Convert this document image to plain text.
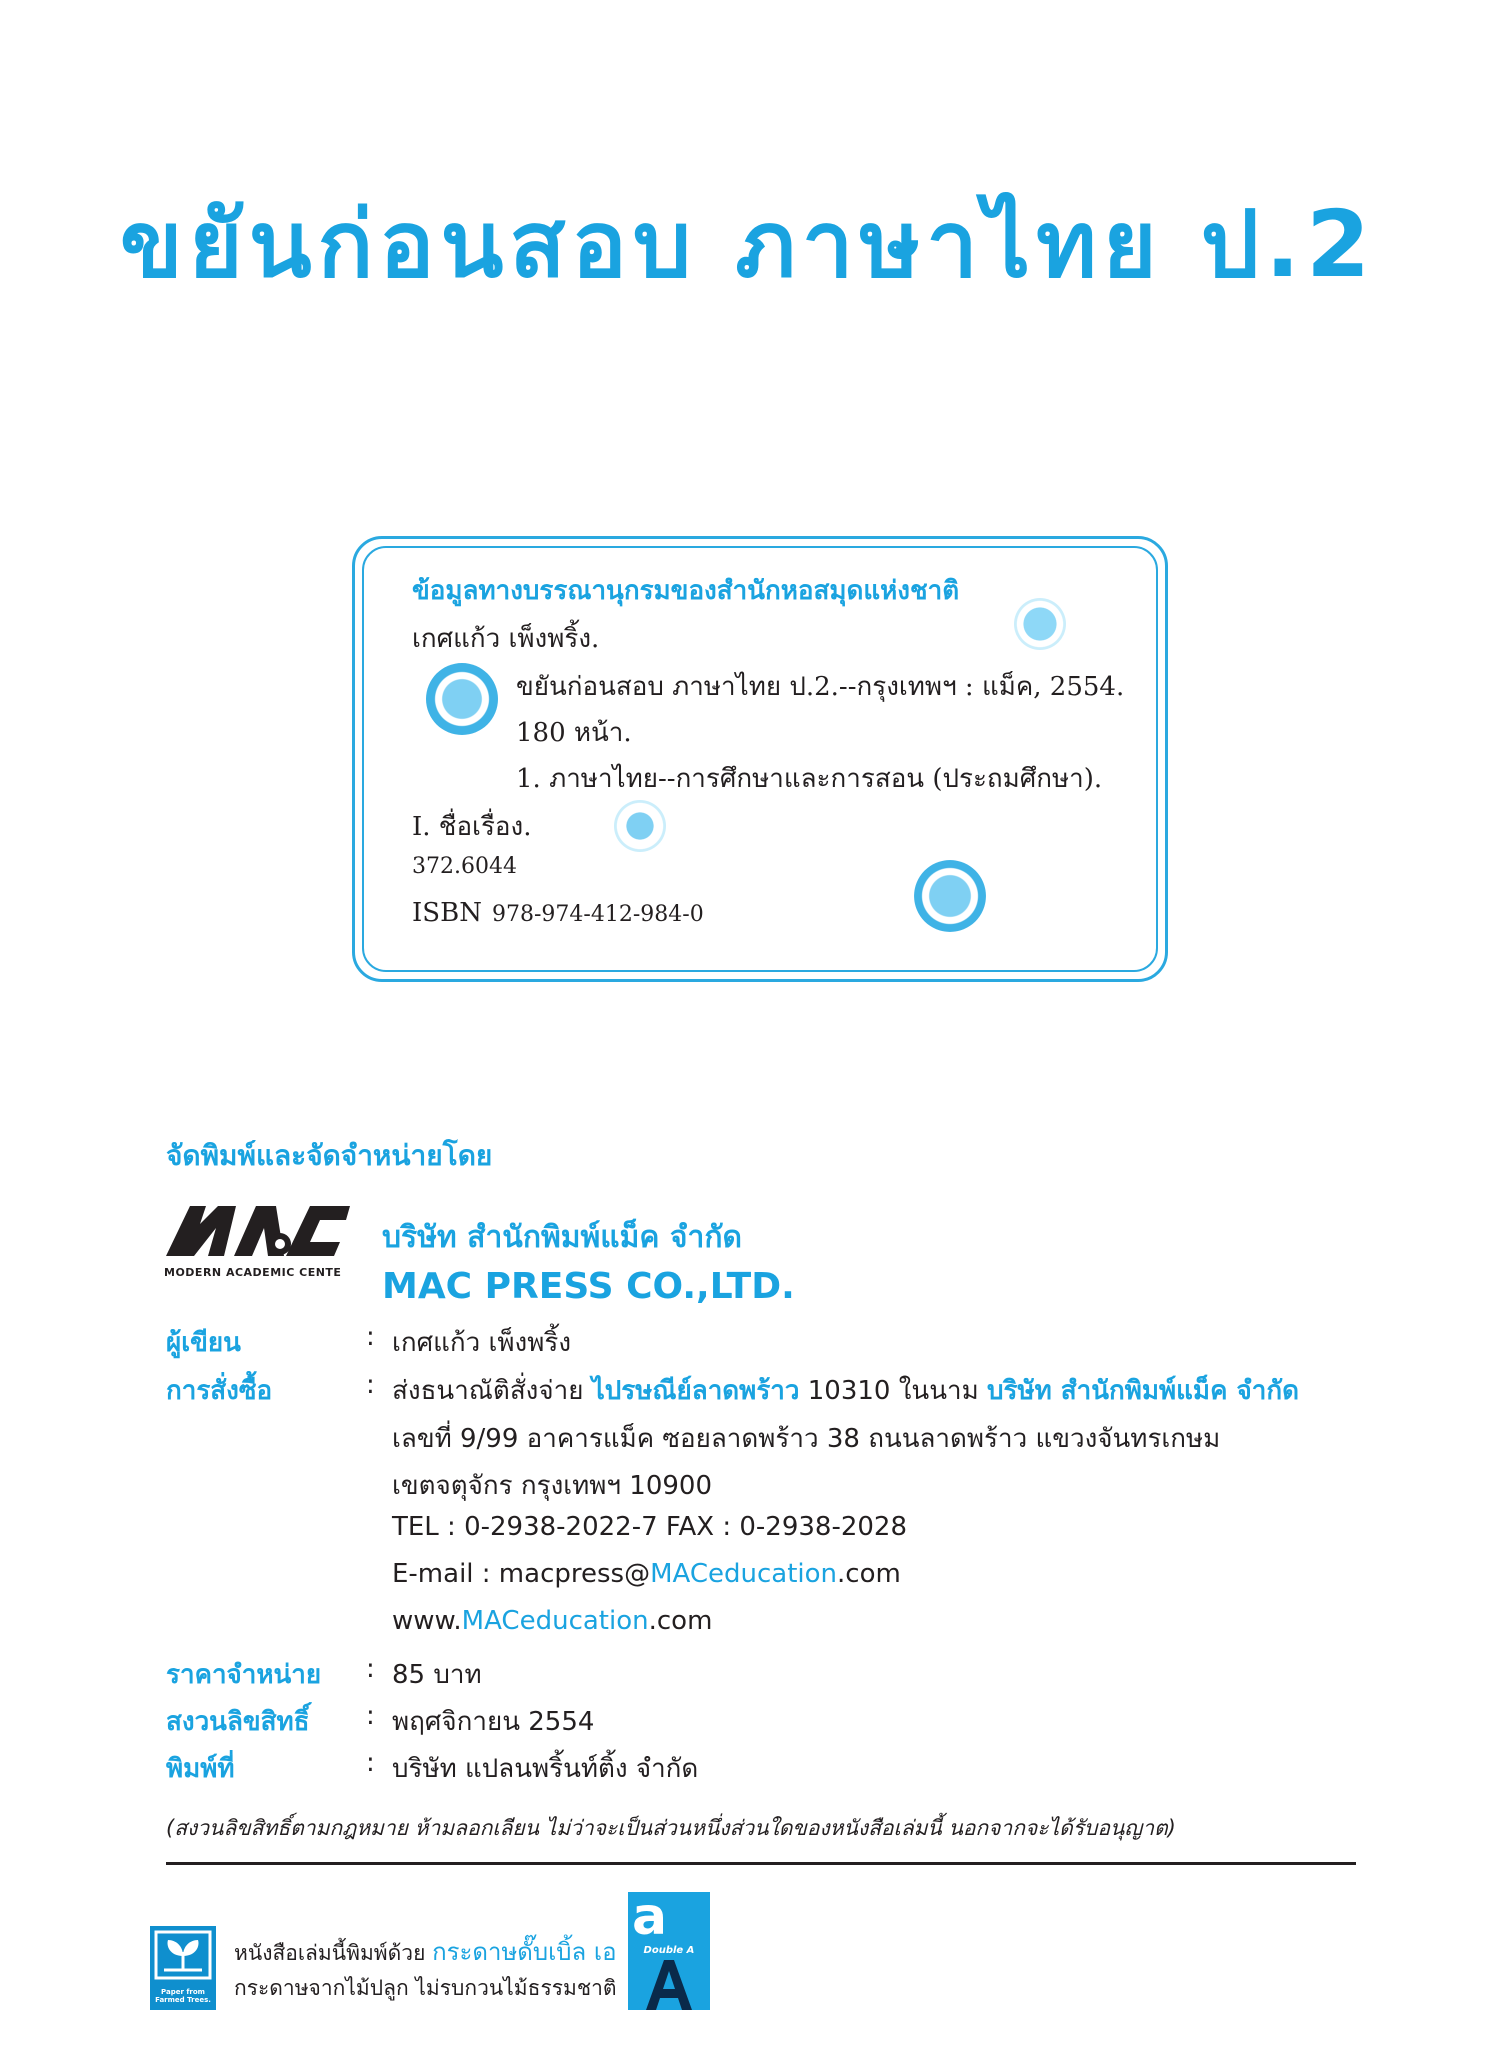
ขยันก่อนสอบ ภาษาไทย ป.2
ข้อมูลทางบรรณานุกรมของสำนักหอสมุดแห่งชาติ
เกศแก้ว เพ็งพริ้ง.
ขยันก่อนสอบ ภาษาไทย ป.2.--กรุงเทพฯ : แม็ค, 2554.
180 หน้า.
1. ภาษาไทย--การศึกษาและการสอน (ประถมศึกษา).
I. ชื่อเรื่อง.
372.6044
ISBN 978-974-412-984-0
จัดพิมพ์และจัดจำหน่ายโดย
MODERN ACADEMIC CENTE
บริษัท สำนักพิมพ์แม็ค จำกัด
MAC PRESS CO.,LTD.
ผู้เขียน	: เกศแก้ว เพ็งพริ้ง
การสั่งซื้อ	: ส่งธนาณัติสั่งจ่าย ไปรษณีย์ลาดพร้าว 10310 ในนาม บริษัท สำนักพิมพ์แม็ค จำกัด
เลขที่ 9/99 อาคารแม็ค ซอยลาดพร้าว 38 ถนนลาดพร้าว แขวงจันทรเกษม
เขตจตุจักร กรุงเทพฯ 10900
TEL : 0-2938-2022-7 FAX : 0-2938-2028
E-mail : macpress@MACeducation.com
www.MACeducation.com
ราคาจำหน่าย : 85 บาท
สงวนลิขสิทธิ์ : พฤศจิกายน 2554
พิมพ์ที่	: บริษัท แปลนพริ้นท์ติ้ง จำกัด
(สงวนลิขสิทธิ์ตามกฎหมาย ห้ามลอกเลียน ไม่ว่าจะเป็นส่วนหนึ่งส่วนใดของหนังสือเล่มนี้ นอกจากจะได้รับอนุญาต)
Paper from Farmed Trees.
หนังสือเล่มนี้พิมพ์ด้วย กระดาษดั๊บเบิ้ล เอ
กระดาษจากไม้ปลูก ไม่รบกวนไม้ธรรมชาติ
a
Double A
